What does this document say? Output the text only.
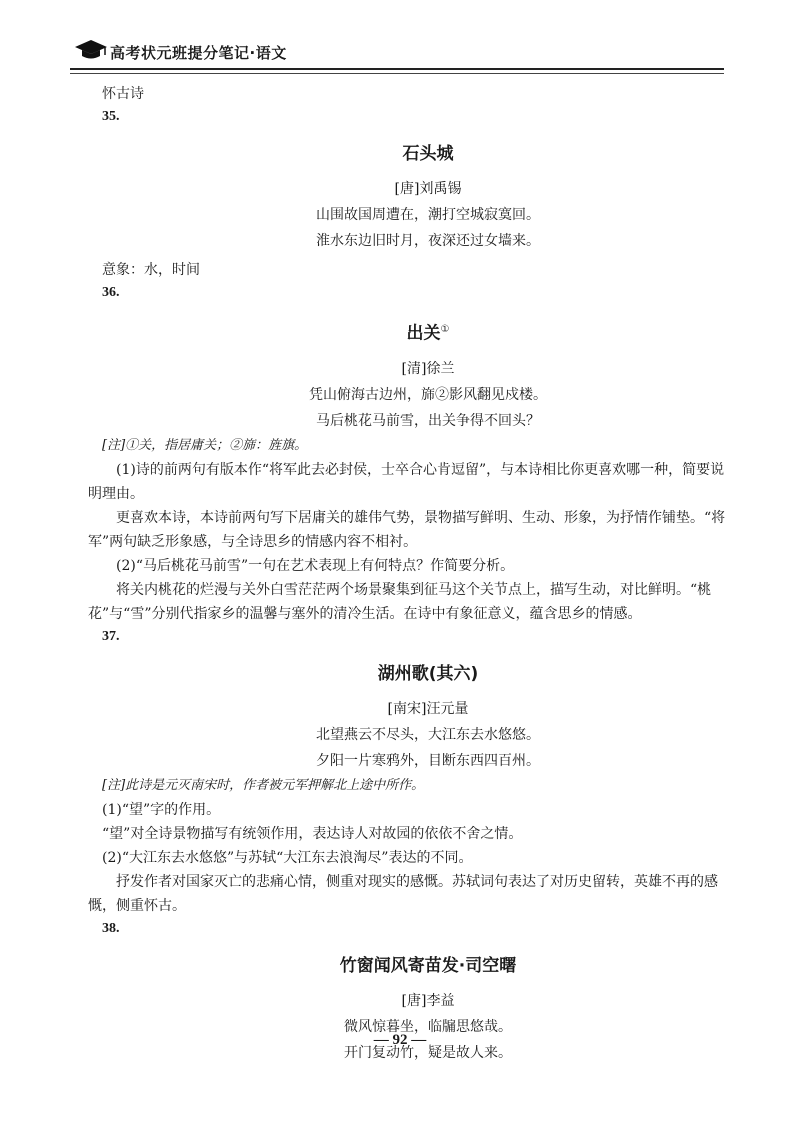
高考状元班提分笔记·语文
怀古诗
35.
石头城
[唐]刘禹锡
山围故国周遭在，潮打空城寂寞回。
淮水东边旧时月，夜深还过女墙来。
意象：水，时间
36.
出关①
[清]徐兰
凭山俯海古边州，旆②影风翻见戍楼。
马后桃花马前雪，出关争得不回头？
[注]①关，指居庸关；②旆：旌旗。
(1)诗的前两句有版本作“将军此去必封侯，士卒合心肯逗留”，与本诗相比你更喜欢哪一种，简要说明理由。
更喜欢本诗，本诗前两句写下居庸关的雄伟气势，景物描写鲜明、生动、形象，为抒情作铺垫。“将军”两句缺乏形象感，与全诗思乡的情感内容不相衬。
(2)“马后桃花马前雪”一句在艺术表现上有何特点？作简要分析。
将关内桃花的烂漫与关外白雪茫茫两个场景聚集到征马这个关节点上，描写生动，对比鲜明。“桃花”与“雪”分别代指家乡的温馨与塞外的清冷生活。在诗中有象征意义，蕴含思乡的情感。
37.
湖州歌(其六)
[南宋]汪元量
北望燕云不尽头，大江东去水悠悠。
夕阳一片寒鸦外，目断东西四百州。
[注]此诗是元灭南宋时，作者被元军押解北上途中所作。
(1)“望”字的作用。
“望”对全诗景物描写有统领作用，表达诗人对故园的依依不舍之情。
(2)“大江东去水悠悠”与苏轼“大江东去浪淘尽”表达的不同。
抒发作者对国家灭亡的悲痛心情，侧重对现实的感慨。苏轼词句表达了对历史留转，英雄不再的感慨，侧重怀古。
38.
竹窗闻风寄苗发·司空曙
[唐]李益
微风惊暮坐，临牖思悠哉。
开门复动竹，疑是故人来。
— 92 —
